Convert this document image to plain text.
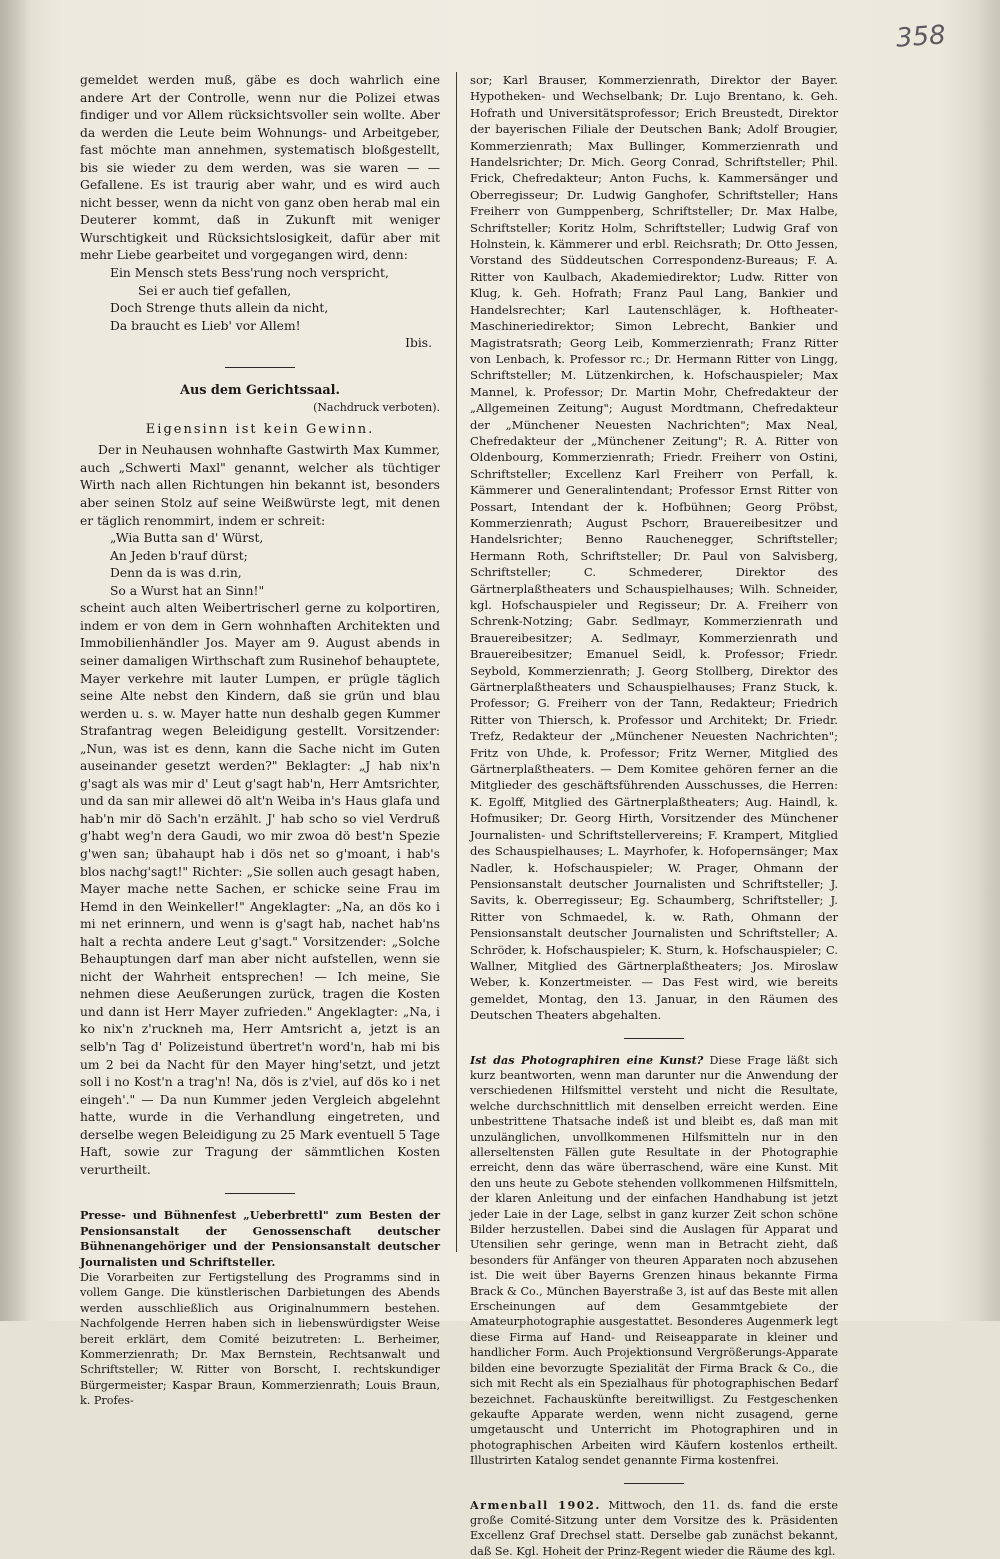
358

gemeldet werden muß, gäbe es doch wahrlich eine andere Art der Controlle, wenn nur die Polizei etwas findiger und vor Allem rücksichtsvoller sein wollte. Aber da werden die Leute beim Wohnungs- und Arbeitgeber, fast möchte man annehmen, systematisch bloßgestellt, bis sie wieder zu dem werden, was sie waren — — Gefallene. Es ist traurig aber wahr, und es wird auch nicht besser, wenn da nicht von ganz oben herab mal ein Deuterer kommt, daß in Zukunft mit weniger Wurschtigkeit und Rücksichtslosigkeit, dafür aber mit mehr Liebe gearbeitet und vorgegangen wird, denn:

Ein Mensch stets Bess'rung noch verspricht,
Sei er auch tief gefallen,
Doch Strenge thuts allein da nicht,
Da braucht es Lieb' vor Allem!

Ibis.

Aus dem Gerichtssaal.
(Nachdruck verboten).
Eigensinn ist kein Gewinn.

Der in Neuhausen wohnhafte Gastwirth Max Kummer, auch „Schwerti Maxl" genannt, welcher als tüchtiger Wirth nach allen Richtungen hin bekannt ist, besonders aber seinen Stolz auf seine Weißwürste legt, mit denen er täglich renommirt, indem er schreit:

„Wia Butta san d' Würst,
An Jeden b'rauf dürst;
Denn da is was d.rin,
So a Wurst hat an Sinn!"

scheint auch alten Weibertrischerl gerne zu kolportiren, indem er von dem in Gern wohnhaften Architekten und Immobilienhändler Jos. Mayer am 9. August abends in seiner damaligen Wirthschaft zum Rusinehof behauptete, Mayer verkehre mit lauter Lumpen, er prügle täglich seine Alte nebst den Kindern, daß sie grün und blau werden u. s. w. Mayer hatte nun deshalb gegen Kummer Strafantrag wegen Beleidigung gestellt. Vorsitzender: „Nun, was ist es denn, kann die Sache nicht im Guten auseinander gesetzt werden?" Beklagter: „J hab nix'n g'sagt als was mir d' Leut g'sagt hab'n, Herr Amtsrichter, und da san mir allewei dö alt'n Weiba in's Haus glafa und hab'n mir dö Sach'n erzählt. J' hab scho so viel Verdruß g'habt weg'n dera Gaudi, wo mir zwoa dö best'n Spezie g'wen san; übahaupt hab i dös net so g'moant, i hab's blos nachg'sagt!" Richter: „Sie sollen auch gesagt haben, Mayer mache nette Sachen, er schicke seine Frau im Hemd in den Weinkeller!" Angeklagter: „Na, an dös ko i mi net erinnern, und wenn is g'sagt hab, nachet hab'ns halt a rechta andere Leut g'sagt." Vorsitzender: „Solche Behauptungen darf man aber nicht aufstellen, wenn sie nicht der Wahrheit entsprechen! — Ich meine, Sie nehmen diese Aeußerungen zurück, tragen die Kosten und dann ist Herr Mayer zufrieden." Angeklagter: „Na, i ko nix'n z'ruckneh ma, Herr Amtsricht a, jetzt is an selb'n Tag d' Polizeistund übertret'n word'n, hab mi bis um 2 bei da Nacht für den Mayer hing'setzt, und jetzt soll i no Kost'n a trag'n! Na, dös is z'viel, auf dös ko i net eingeh'." — Da nun Kummer jeden Vergleich abgelehnt hatte, wurde in die Verhandlung eingetreten, und derselbe wegen Beleidigung zu 25 Mark eventuell 5 Tage Haft, sowie zur Tragung der sämmtlichen Kosten verurtheilt.

Presse- und Bühnenfest „Ueberbrettl" zum Besten der Pensionsanstalt der Genossenschaft deutscher Bühnenangehöriger und der Pensionsanstalt deutscher Journalisten und Schriftsteller.

Die Vorarbeiten zur Fertigstellung des Programms sind in vollem Gange. Die künstlerischen Darbietungen des Abends werden ausschließlich aus Originalnummern bestehen. Nachfolgende Herren haben sich in liebenswürdigster Weise bereit erklärt, dem Comité beizutreten: L. Berheimer, Kommerzienrath; Dr. Max Bernstein, Rechtsanwalt und Schriftsteller; W. Ritter von Borscht, I. rechtskundiger Bürgermeister; Kaspar Braun, Kommerzienrath; Louis Braun, k. Profes-

sor; Karl Brauser, Kommerzienrath, Direktor der Bayer. Hypotheken- und Wechselbank; Dr. Lujo Brentano, k. Geh. Hofrath und Universitätsprofessor; Erich Breustedt, Direktor der bayerischen Filiale der Deutschen Bank; Adolf Brougier, Kommerzienrath; Max Bullinger, Kommerzienrath und Handelsrichter; Dr. Mich. Georg Conrad, Schriftsteller; Phil. Frick, Chefredakteur; Anton Fuchs, k. Kammersänger und Oberregisseur; Dr. Ludwig Ganghofer, Schriftsteller; Hans Freiherr von Gumppenberg, Schriftsteller; Dr. Max Halbe, Schriftsteller; Koritz Holm, Schriftsteller; Ludwig Graf von Holnstein, k. Kämmerer und erbl. Reichsrath; Dr. Otto Jessen, Vorstand des Süddeutschen Correspondenz-Bureaus; F. A. Ritter von Kaulbach, Akademiedirektor; Ludw. Ritter von Klug, k. Geh. Hofrath; Franz Paul Lang, Bankier und Handelsrechter; Karl Lautenschläger, k. Hoftheater-Maschineriedirektor; Simon Lebrecht, Bankier und Magistratsrath; Georg Leib, Kommerzienrath; Franz Ritter von Lenbach, k. Professor rc.; Dr. Hermann Ritter von Lingg, Schriftsteller; M. Lützenkirchen, k. Hofschauspieler; Max Mannel, k. Professor; Dr. Martin Mohr, Chefredakteur der „Allgemeinen Zeitung"; August Mordtmann, Chefredakteur der „Münchener Neuesten Nachrichten"; Max Neal, Chefredakteur der „Münchener Zeitung"; R. A. Ritter von Oldenbourg, Kommerzienrath; Friedr. Freiherr von Ostini, Schriftsteller; Excellenz Karl Freiherr von Perfall, k. Kämmerer und Generalintendant; Professor Ernst Ritter von Possart, Intendant der k. Hofbühnen; Georg Pröbst, Kommerzienrath; August Pschorr, Brauereibesitzer und Handelsrichter; Benno Rauchenegger, Schriftsteller; Hermann Roth, Schriftsteller; Dr. Paul von Salvisberg, Schriftsteller; C. Schmederer, Direktor des Gärtnerplaßtheaters und Schauspielhauses; Wilh. Schneider, kgl. Hofschauspieler und Regisseur; Dr. A. Freiherr von Schrenk-Notzing; Gabr. Sedlmayr, Kommerzienrath und Brauereibesitzer; A. Sedlmayr, Kommerzienrath und Brauereibesitzer; Emanuel Seidl, k. Professor; Friedr. Seybold, Kommerzienrath; J. Georg Stollberg, Direktor des Gärtnerplaßtheaters und Schauspielhauses; Franz Stuck, k. Professor; G. Freiherr von der Tann, Redakteur; Friedrich Ritter von Thiersch, k. Professor und Architekt; Dr. Friedr. Trefz, Redakteur der „Münchener Neuesten Nachrichten"; Fritz von Uhde, k. Professor; Fritz Werner, Mitglied des Gärtnerplaßtheaters. — Dem Komitee gehören ferner an die Mitglieder des geschäftsführenden Ausschusses, die Herren: K. Egolff, Mitglied des Gärtnerplaßtheaters; Aug. Haindl, k. Hofmusiker; Dr. Georg Hirth, Vorsitzender des Münchener Journalisten- und Schriftstellervereins; F. Krampert, Mitglied des Schauspielhauses; L. Mayrhofer, k. Hofopernsänger; Max Nadler, k. Hofschauspieler; W. Prager, Ohmann der Pensionsanstalt deutscher Journalisten und Schriftsteller; J. Savits, k. Oberregisseur; Eg. Schaumberg, Schriftsteller; J. Ritter von Schmaedel, k. w. Rath, Ohmann der Pensionsanstalt deutscher Journalisten und Schriftsteller; A. Schröder, k. Hofschauspieler; K. Sturn, k. Hofschauspieler; C. Wallner, Mitglied des Gärtnerplaßtheaters; Jos. Miroslaw Weber, k. Konzertmeister. — Das Fest wird, wie bereits gemeldet, Montag, den 13. Januar, in den Räumen des Deutschen Theaters abgehalten.

Ist das Photographiren eine Kunst? Diese Frage läßt sich kurz beantworten, wenn man darunter nur die Anwendung der verschiedenen Hilfsmittel versteht und nicht die Resultate, welche durchschnittlich mit denselben erreicht werden. Eine unbestrittene Thatsache indeß ist und bleibt es, daß man mit unzulänglichen, unvollkommenen Hilfsmitteln nur in den allerseltensten Fällen gute Resultate in der Photographie erreicht, denn das wäre überraschend, wäre eine Kunst. Mit den uns heute zu Gebote stehenden vollkommenen Hilfsmitteln, der klaren Anleitung und der einfachen Handhabung ist jetzt jeder Laie in der Lage, selbst in ganz kurzer Zeit schon schöne Bilder herzustellen. Dabei sind die Auslagen für Apparat und Utensilien sehr geringe, wenn man in Betracht zieht, daß besonders für Anfänger von theuren Apparaten noch abzusehen ist. Die weit über Bayerns Grenzen hinaus bekannte Firma Brack & Co., München Bayerstraße 3, ist auf das Beste mit allen Erscheinungen auf dem Gesammtgebiete der Amateurphotographie ausgestattet. Besonderes Augenmerk legt diese Firma auf Hand- und Reiseapparate in kleiner und handlicher Form. Auch Projektionsund Vergrößerungs-Apparate bilden eine bevorzugte Spezialität der Firma Brack & Co., die sich mit Recht als ein Spezialhaus für photographischen Bedarf bezeichnet. Fachauskünfte bereitwilligst. Zu Festgeschenken gekaufte Apparate werden, wenn nicht zusagend, gerne umgetauscht und Unterricht im Photographiren und in photographischen Arbeiten wird Käufern kostenlos ertheilt. Illustrirten Katalog sendet genannte Firma kostenfrei.

Armenball 1902. Mittwoch, den 11. ds. fand die erste große Comité-Sitzung unter dem Vorsitze des k. Präsidenten Excellenz Graf Drechsel statt. Derselbe gab zunächst bekannt, daß Se. Kgl. Hoheit der Prinz-Regent wieder die Räume des kgl.
